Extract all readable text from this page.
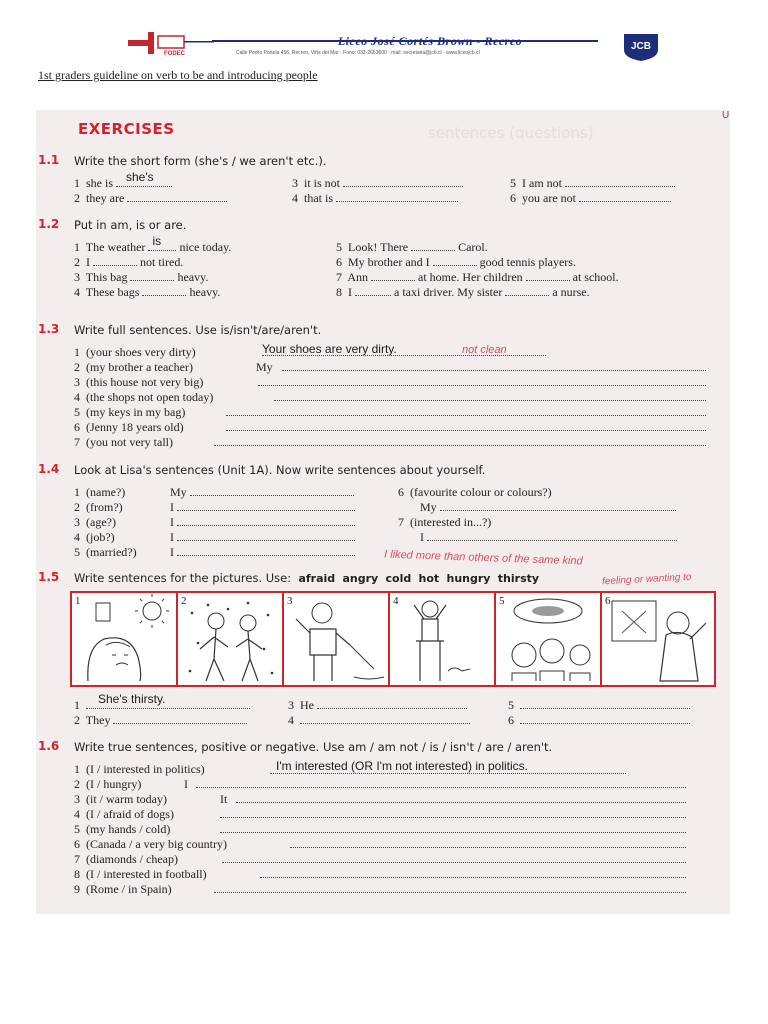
FODEC
Liceo José Cortés Brown - Recreo
Calle Pedro Portela 456, Recreo, Viña del Mar · Fono: 032-2663600 · mail: secretaria@jcb.cl · www.liceojcb.cl
JCB
1st graders guideline on verb to be and introducing people
EXERCISES	sentences (questions)
U
1.1 Write the short form (she's / we aren't etc.).
1  she is she's
2  they are
3  it is not
4  that is
5  I am not
6  you are not
1.2 Put in am, is or are.
1  The weather is nice today.
2  I	not tired.
3  This bag	heavy.
4  These bags	heavy.
5  Look! There	Carol.
6  My brother and I	good tennis players.
7  Ann	at home. Her children	at school.
8  I	a taxi driver. My sister	a nurse.
1.3 Write full sentences. Use is/isn't/are/aren't.
1  (your shoes very dirty)	Your shoes are very dirty.	not clean
2  (my brother a teacher)	My
3  (this house not very big)
4  (the shops not open today)
5  (my keys in my bag)
6  (Jenny 18 years old)
7  (you not very tall)
1.4 Look at Lisa's sentences (Unit 1A). Now write sentences about yourself.
1  (name?)	My
2  (from?)	I
3  (age?)	I
4  (job?)	I
5  (married?)	I
6  (favourite colour or colours?)
My
7  (interested in...?)
I
I liked more than others of the same kind
1.5 Write sentences for the pictures. Use: afraid angry cold hot hungry thirsty	feeling or wanting to
1	2	3	4	5	6
1 She's thirsty.
2  They
3  He
4
5
6
1.6 Write true sentences, positive or negative. Use am / am not / is / isn't / are / aren't.
1  (I / interested in politics)	I'm interested (OR I'm not interested) in politics.
2  (I / hungry)	I
3  (it / warm today)	It
4  (I / afraid of dogs)
5  (my hands / cold)
6  (Canada / a very big country)
7  (diamonds / cheap)
8  (I / interested in football)
9  (Rome / in Spain)
